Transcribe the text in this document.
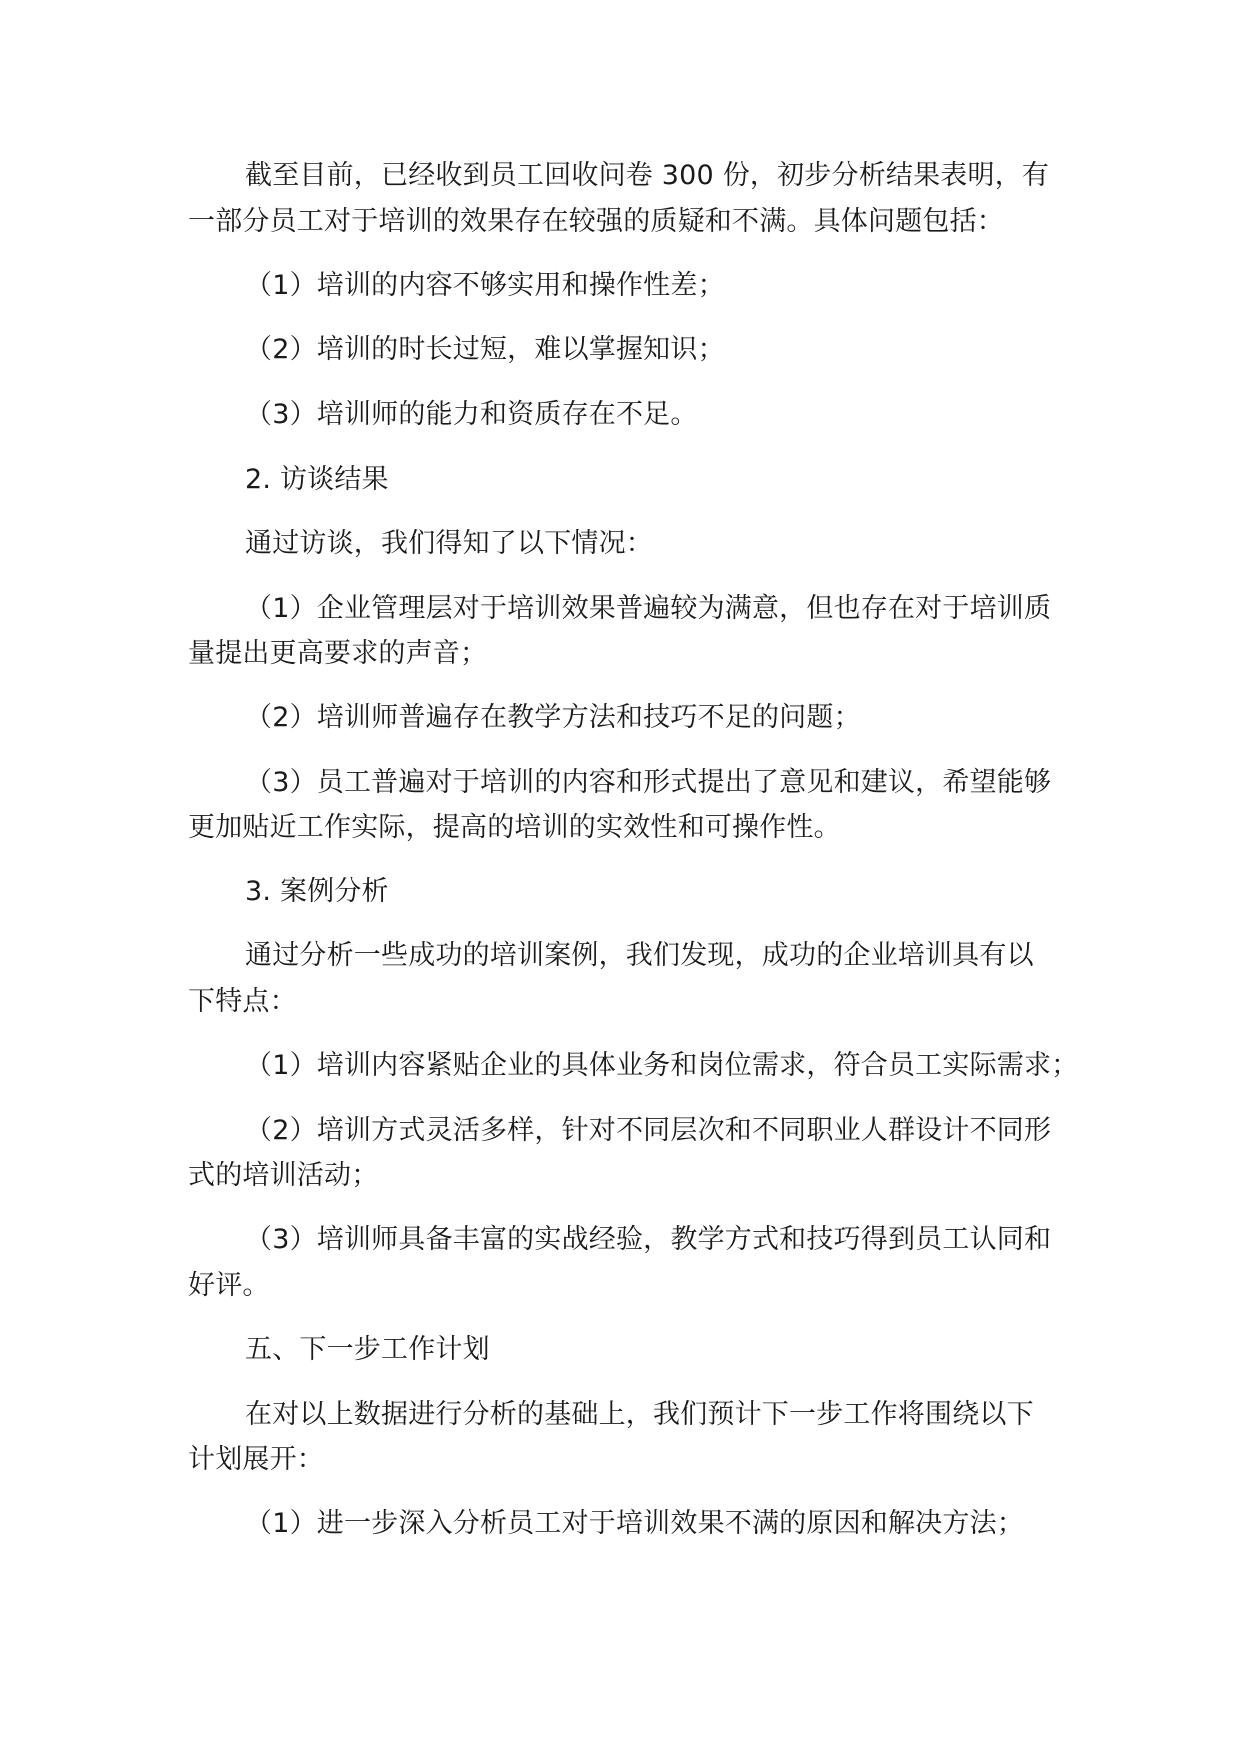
截至目前，已经收到员工回收问卷 300 份，初步分析结果表明，有
一部分员工对于培训的效果存在较强的质疑和不满。具体问题包括：
（1）培训的内容不够实用和操作性差；
（2）培训的时长过短，难以掌握知识；
（3）培训师的能力和资质存在不足。
2. 访谈结果
通过访谈，我们得知了以下情况：
（1）企业管理层对于培训效果普遍较为满意，但也存在对于培训质
量提出更高要求的声音；
（2）培训师普遍存在教学方法和技巧不足的问题；
（3）员工普遍对于培训的内容和形式提出了意见和建议，希望能够
更加贴近工作实际，提高的培训的实效性和可操作性。
3. 案例分析
通过分析一些成功的培训案例，我们发现，成功的企业培训具有以
下特点：
（1）培训内容紧贴企业的具体业务和岗位需求，符合员工实际需求；
（2）培训方式灵活多样，针对不同层次和不同职业人群设计不同形
式的培训活动；
（3）培训师具备丰富的实战经验，教学方式和技巧得到员工认同和
好评。
五、下一步工作计划
在对以上数据进行分析的基础上，我们预计下一步工作将围绕以下
计划展开：
（1）进一步深入分析员工对于培训效果不满的原因和解决方法；
